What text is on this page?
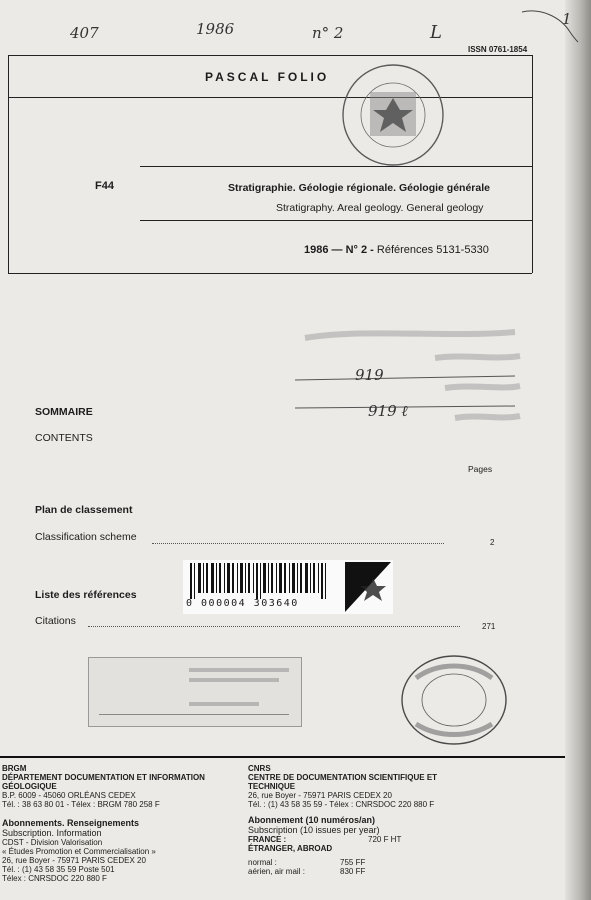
407	1986	n° 2	L
1
ISSN 0761-1854
PASCAL FOLIO
F44	Stratigraphie. Géologie régionale. Géologie générale
Stratigraphy. Areal geology. General geology
1986 — N° 2 - Références 5131-5330
919
919 ℓ
SOMMAIRE
CONTENTS
Pages
Plan de classement
Classification scheme	2
Liste des références
Citations	271
0 000004 303640
BRGM
DÉPARTEMENT DOCUMENTATION ET INFORMATION GÉOLOGIQUE
B.P. 6009 - 45060 ORLÉANS CEDEX
Tél. : 38 63 80 01 - Télex : BRGM 780 258 F
Abonnements. Renseignements
Subscription. Information
CDST - Division Valorisation
« Études Promotion et Commercialisation »
26, rue Boyer - 75971 PARIS CEDEX 20
Tél. : (1) 43 58 35 59 Poste 501
Télex : CNRSDOC 220 880 F
CNRS
CENTRE DE DOCUMENTATION SCIENTIFIQUE ET TECHNIQUE
26, rue Boyer - 75971 PARIS CEDEX 20
Tél. : (1) 43 58 35 59 - Télex : CNRSDOC 220 880 F
Abonnement (10 numéros/an)
Subscription (10 issues per year)
FRANCE :	720 F HT
ÉTRANGER, ABROAD
normal :	755 FF
aérien, air mail :	830 FF
